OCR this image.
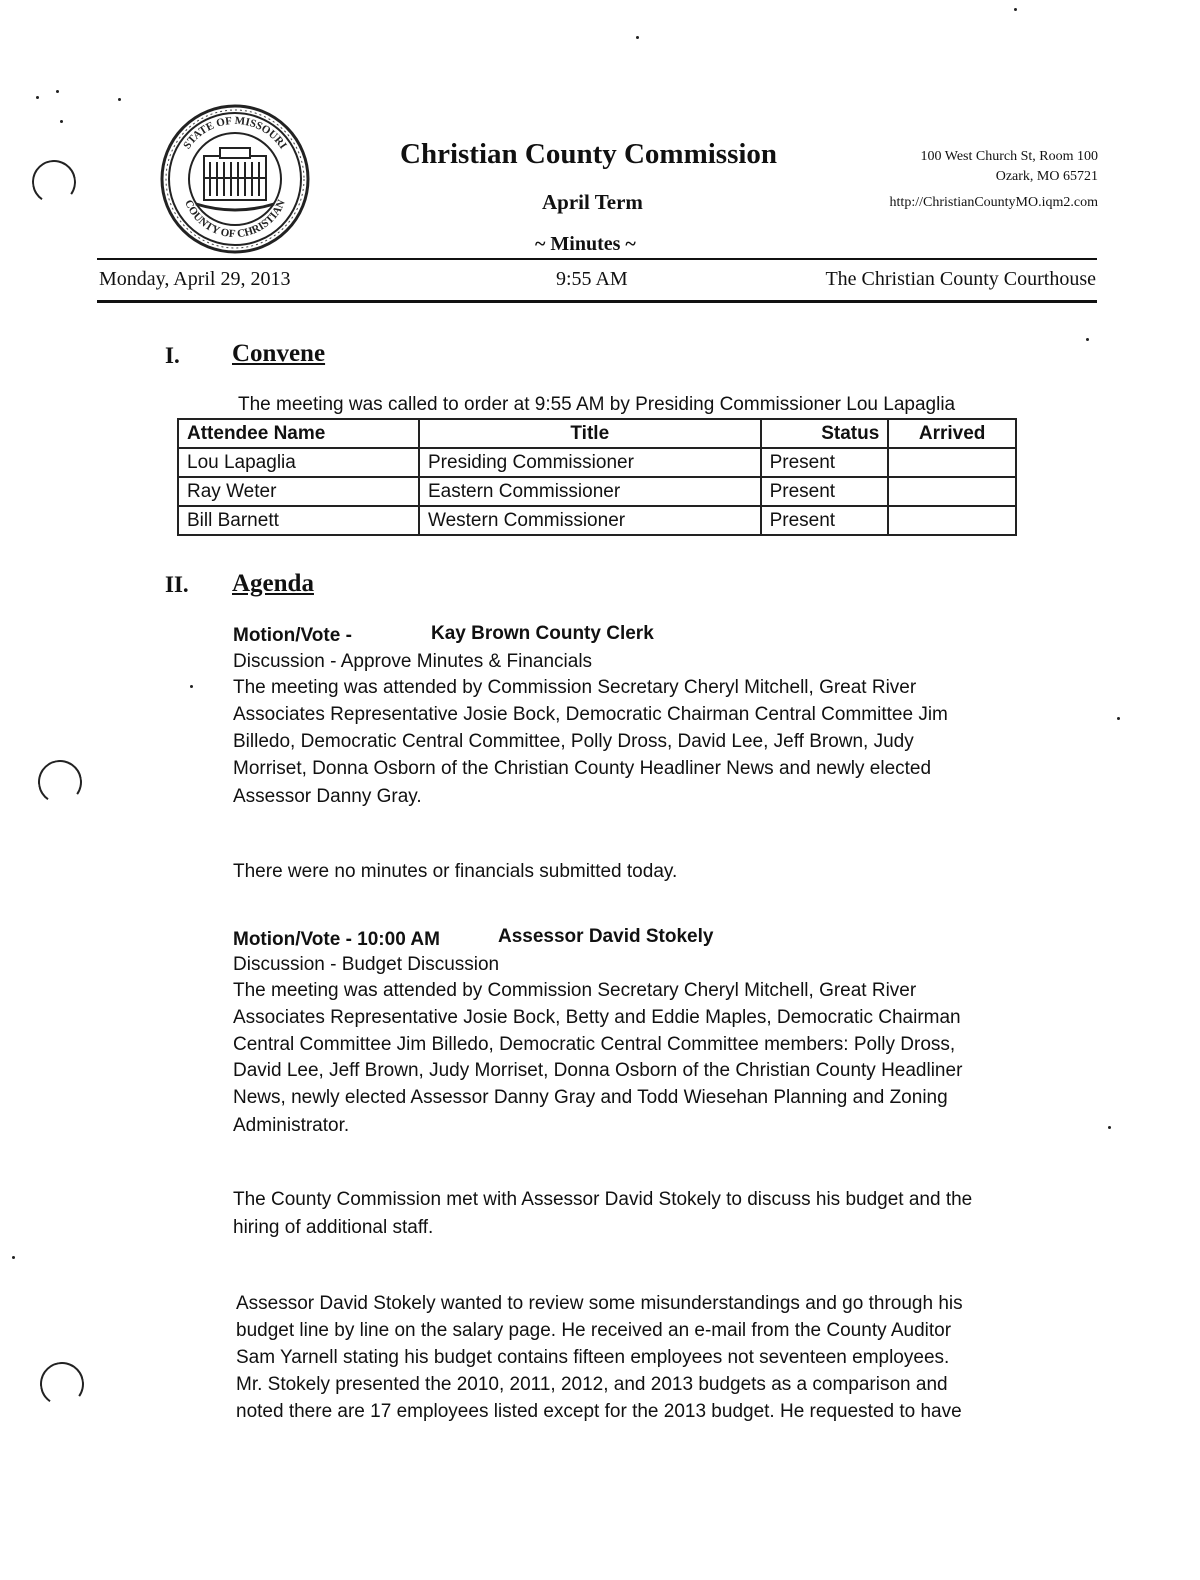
STATE OF MISSOURI
COUNTY OF CHRISTIAN
Christian County Commission
April Term
~ Minutes ~
100 West Church St, Room 100
Ozark, MO 65721
http://ChristianCountyMO.iqm2.com
Monday, April 29, 2013	9:55 AM	The Christian County Courthouse
I. Convene
The meeting was called to order at 9:55 AM by Presiding Commissioner Lou Lapaglia
Attendee Name	Title	Status	Arrived
Lou Lapaglia	Presiding Commissioner	Present	
Ray Weter	Eastern Commissioner	Present	
Bill Barnett	Western Commissioner	Present	
II. Agenda
Motion/Vote -	Kay Brown County Clerk
Discussion - Approve Minutes & Financials
The meeting was attended by Commission Secretary Cheryl Mitchell, Great River
Associates Representative Josie Bock, Democratic Chairman Central Committee Jim
Billedo, Democratic Central Committee, Polly Dross, David Lee, Jeff Brown, Judy
Morriset, Donna Osborn of the Christian County Headliner News and newly elected
Assessor Danny Gray.
There were no minutes or financials submitted today.
Motion/Vote - 10:00 AM	Assessor David Stokely
Discussion - Budget Discussion
The meeting was attended by Commission Secretary Cheryl Mitchell, Great River
Associates Representative Josie Bock, Betty and Eddie Maples, Democratic Chairman
Central Committee Jim Billedo, Democratic Central Committee members: Polly Dross,
David Lee, Jeff Brown, Judy Morriset, Donna Osborn of the Christian County Headliner
News, newly elected Assessor Danny Gray and Todd Wiesehan Planning and Zoning
Administrator.
The County Commission met with Assessor David Stokely to discuss his budget and the
hiring of additional staff.
Assessor David Stokely wanted to review some misunderstandings and go through his
budget line by line on the salary page. He received an e-mail from the County Auditor
Sam Yarnell stating his budget contains fifteen employees not seventeen employees.
Mr. Stokely presented the 2010, 2011, 2012, and 2013 budgets as a comparison and
noted there are 17 employees listed except for the 2013 budget. He requested to have
